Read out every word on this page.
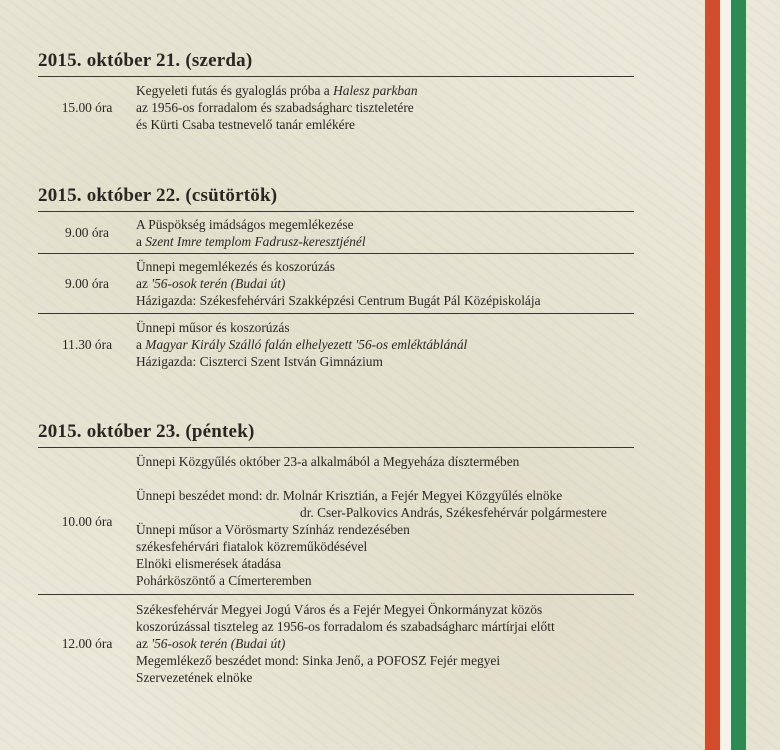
2015. október 21. (szerda)
15.00 óra
Kegyeleti futás és gyaloglás próba a Halesz parkban
az 1956-os forradalom és szabadságharc tiszteletére
és Kürti Csaba testnevelő tanár emlékére
2015. október 22. (csütörtök)
9.00 óra
A Püspökség imádságos megemlékezése
a Szent Imre templom Fadrusz-keresztjénél
9.00 óra
Ünnepi megemlékezés és koszorúzás
az '56-osok terén (Budai út)
Házigazda: Székesfehérvári Szakképzési Centrum Bugát Pál Középiskolája
11.30 óra
Ünnepi műsor és koszorúzás
a Magyar Király Szálló falán elhelyezett '56-os emléktáblánál
Házigazda: Ciszterci Szent István Gimnázium
2015. október 23. (péntek)
10.00 óra
Ünnepi Közgyűlés október 23-a alkalmából a Megyeháza dísztermében
Ünnepi beszédet mond: dr. Molnár Krisztián, a Fejér Megyei Közgyűlés elnöke
dr. Cser-Palkovics András, Székesfehérvár polgármestere
Ünnepi műsor a Vörösmarty Színház rendezésében
székesfehérvári fiatalok közreműködésével
Elnöki elismerések átadása
Pohárköszöntő a Címerteremben
12.00 óra
Székesfehérvár Megyei Jogú Város és a Fejér Megyei Önkormányzat közös
koszorúzással tiszteleg az 1956-os forradalom és szabadságharc mártírjai előtt
az '56-osok terén (Budai út)
Megemlékező beszédet mond: Sinka Jenő, a POFOSZ Fejér megyei
Szervezetének elnöke
